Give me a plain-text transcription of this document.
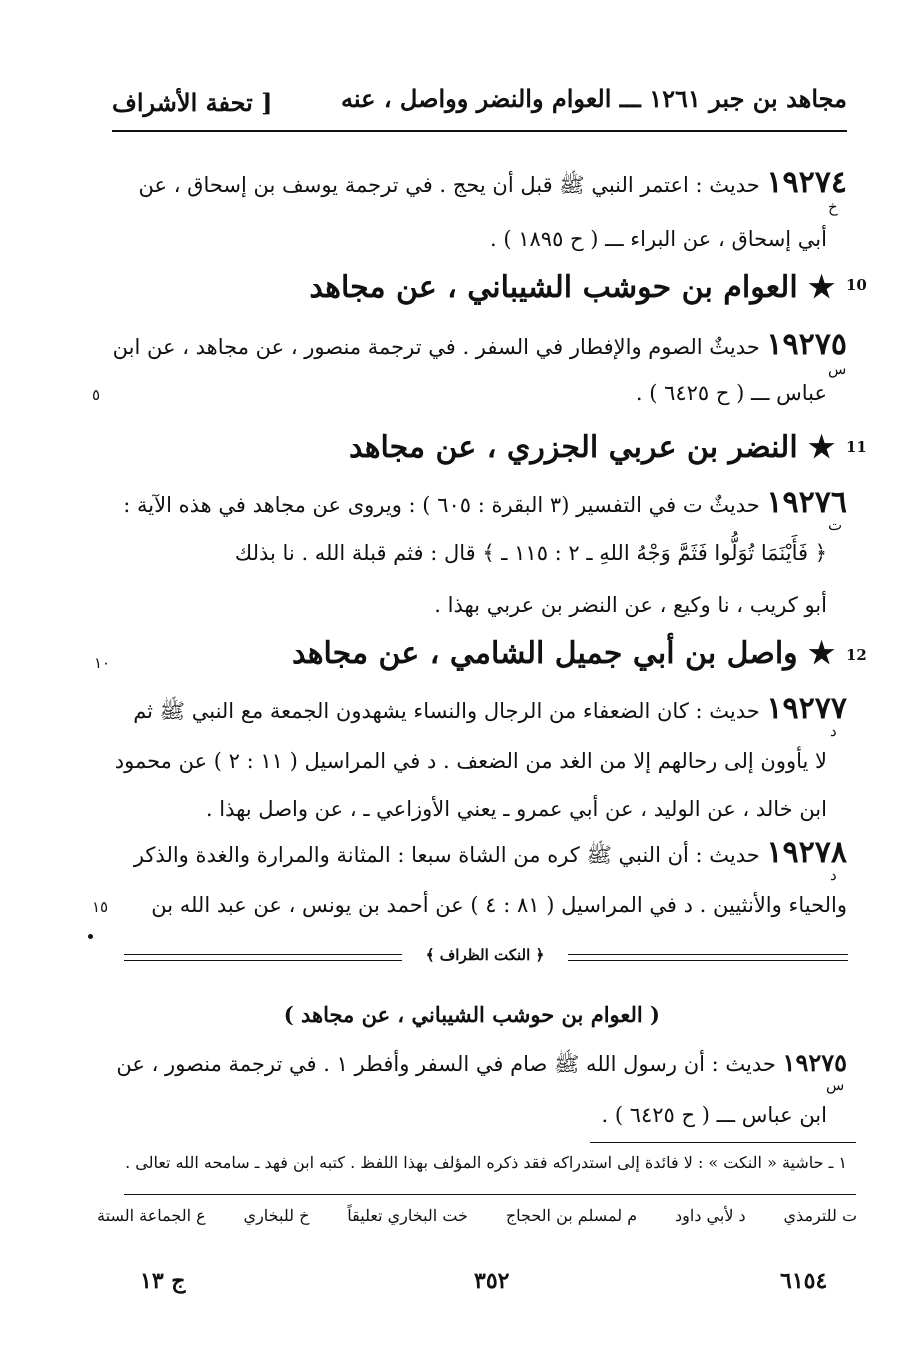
[ تحفة الأشراف	مجاهد بن جبر ١٢٦١ ـــ العوام والنضر وواصل ، عنه
١٩٢٧٤ حديث : اعتمر النبي ﷺ قبل أن يحج . في ترجمة يوسف بن إسحاق ، عن
خ
أبي إسحاق ، عن البراء ـــ ( ح ١٨٩٥ ) .
10
★ العوام بن حوشب الشيباني ، عن مجاهد
١٩٢٧٥ حديثٌ الصوم والإفطار في السفر . في ترجمة منصور ، عن مجاهد ، عن ابن
س
عباس ـــ ( ح ٦٤٢٥ ) .
٥
11
★ النضر بن عربي الجزري ، عن مجاهد
١٩٢٧٦ حديثٌ ت في التفسير (٣ البقرة : ٦٠٥ ) : ويروى عن مجاهد في هذه الآية :
ت
﴿ فَأَيْنَمَا تُوَلُّوا فَثَمَّ وَجْهُ اللهِ ـ ٢ : ١١٥ ـ ﴾ قال : فثم قبلة الله . نا بذلك
أبو كريب ، نا وكيع ، عن النضر بن عربي بهذا .
12
★ واصل بن أبي جميل الشامي ، عن مجاهد
١٠
١٩٢٧٧ حديث : كان الضعفاء من الرجال والنساء يشهدون الجمعة مع النبي ﷺ ثم
د
لا يأوون إلى رحالهم إلا من الغد من الضعف . د في المراسيل ( ١١ : ٢ ) عن محمود
ابن خالد ، عن الوليد ، عن أبي عمرو ـ يعني الأوزاعي ـ ، عن واصل بهذا .
١٩٢٧٨ حديث : أن النبي ﷺ كره من الشاة سبعا : المثانة والمرارة والغدة والذكر
د
والحياء والأنثيين . د في المراسيل ( ٨١ : ٤ ) عن أحمد بن يونس ، عن عبد الله بن
١٥
﴿ النكت الظراف ﴾
( العوام بن حوشب الشيباني ، عن مجاهد )
١٩٢٧٥ حديث : أن رسول الله ﷺ صام في السفر وأفطر ١ . في ترجمة منصور ، عن
س
ابن عباس ـــ ( ح ٦٤٢٥ ) .
١ ـ حاشية « النكت » : لا فائدة إلى استدراكه فقد ذكره المؤلف بهذا اللفظ . كتبه ابن فهد ـ سامحه الله تعالى .
ع الجماعة الستة خ للبخاري خت البخاري تعليقاً م لمسلم بن الحجاج د لأبي داود ت للترمذي
ج ١٣	٣٥٢	٦١٥٤
